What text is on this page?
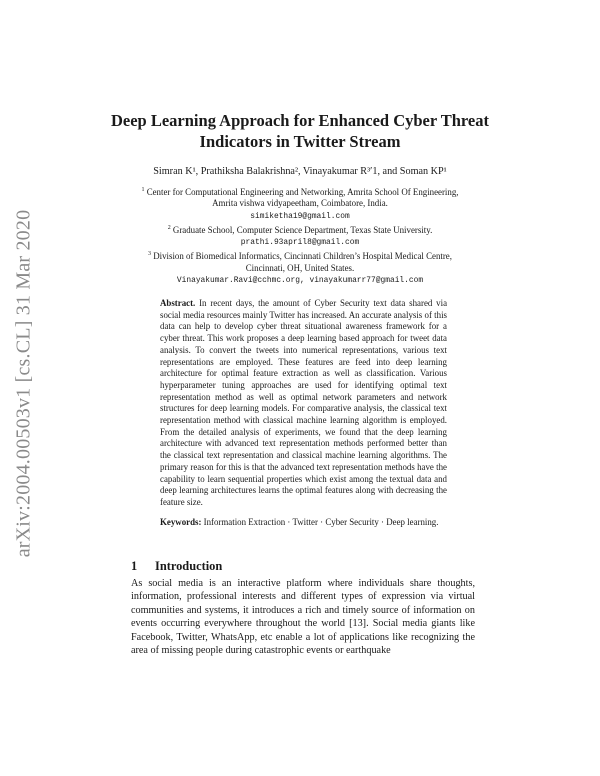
arXiv:2004.00503v1 [cs.CL] 31 Mar 2020
Deep Learning Approach for Enhanced Cyber Threat Indicators in Twitter Stream
Simran K¹, Prathiksha Balakrishna², Vinayakumar R³ʹ1, and Soman KP¹
$^1$ Center for Computational Engineering and Networking, Amrita School Of Engineering, Amrita vishwa vidyapeetham, Coimbatore, India.
simiketha19@gmail.com
$^2$ Graduate School, Computer Science Department, Texas State University. prathi.93april8@gmail.com
$^3$ Division of Biomedical Informatics, Cincinnati Children’s Hospital Medical Centre, Cincinnati, OH, United States.
Vinayakumar.Ravi@cchmc.org, vinayakumarr77@gmail.com
Abstract. In recent days, the amount of Cyber Security text data shared via social media resources mainly Twitter has increased. An accurate analysis of this data can help to develop cyber threat situational awareness framework for a cyber threat. This work proposes a deep learning based approach for tweet data analysis. To convert the tweets into numerical representations, various text representations are employed. These features are feed into deep learning architecture for optimal feature extraction as well as classification. Various hyperparameter tuning approaches are used for identifying optimal text representation method as well as optimal network parameters and network structures for deep learning models. For comparative analysis, the classical text representation method with classical machine learning algorithm is employed. From the detailed analysis of experiments, we found that the deep learning architecture with advanced text representation methods performed better than the classical text representation and classical machine learning algorithms. The primary reason for this is that the advanced text representation methods have the capability to learn sequential properties which exist among the textual data and deep learning architectures learns the optimal features along with decreasing the feature size.
Keywords: Information Extraction · Twitter · Cyber Security · Deep learning.
1 Introduction
As social media is an interactive platform where individuals share thoughts, information, professional interests and different types of expression via virtual communities and systems, it introduces a rich and timely source of information on events occurring everywhere throughout the world [13]. Social media giants like Facebook, Twitter, WhatsApp, etc enable a lot of applications like recognizing the area of missing people during catastrophic events or earthquake
